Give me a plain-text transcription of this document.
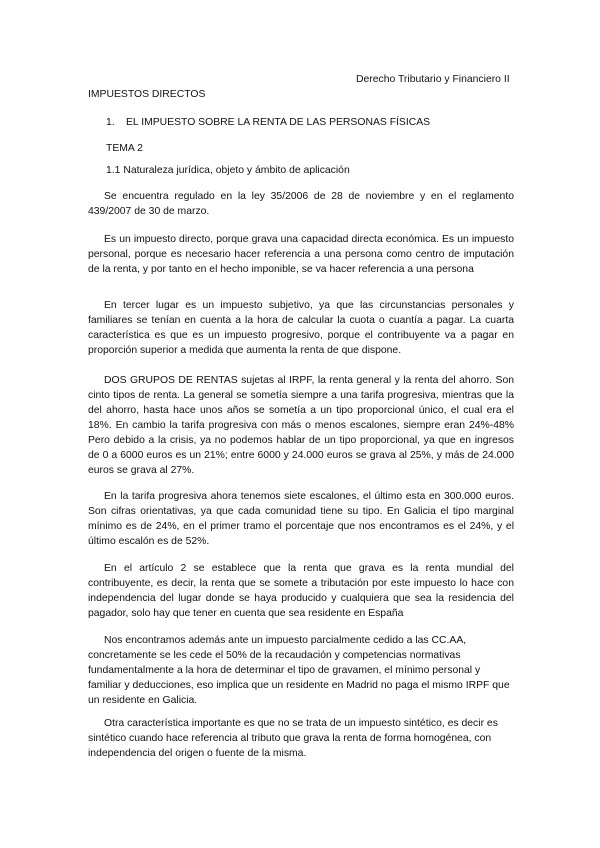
Derecho Tributario y Financiero II
IMPUESTOS DIRECTOS
1. EL IMPUESTO SOBRE LA RENTA DE LAS PERSONAS FÍSICAS
TEMA 2
1.1 Naturaleza jurídica, objeto y ámbito de aplicación

Se encuentra regulado en la ley 35/2006 de 28 de noviembre y en el reglamento 439/2007 de 30 de marzo.

Es un impuesto directo, porque grava una capacidad directa económica. Es un impuesto personal, porque es necesario hacer referencia a una persona como centro de imputación de la renta, y por tanto en el hecho imponible, se va hacer referencia a una persona

En tercer lugar es un impuesto subjetivo, ya que las circunstancias personales y familiares se tenían en cuenta a la hora de calcular la cuota o cuantía a pagar. La cuarta característica es que es un impuesto progresivo, porque el contribuyente va a pagar en proporción superior a medida que aumenta la renta de que dispone.

DOS GRUPOS DE RENTAS sujetas al IRPF, la renta general y la renta del ahorro. Son cinto tipos de renta. La general se sometía siempre a una tarifa progresiva, mientras que la del ahorro, hasta hace unos años se sometía a un tipo proporcional único, el cual era el 18%. En cambio la tarifa progresiva con más o menos escalones, siempre eran 24%-48% Pero debido a la crisis, ya no podemos hablar de un tipo proporcional, ya que en ingresos de 0 a 6000 euros es un 21%; entre 6000 y 24.000 euros se grava al 25%, y más de 24.000 euros se grava al 27%.

En la tarifa progresiva ahora tenemos siete escalones, el último esta en 300.000 euros. Son cifras orientativas, ya que cada comunidad tiene su tipo. En Galicia el tipo marginal mínimo es de 24%, en el primer tramo el porcentaje que nos encontramos es el 24%, y el último escalón es de 52%.

En el artículo 2 se establece que la renta que grava es la renta mundial del contribuyente, es decir, la renta que se somete a tributación por este impuesto lo hace con independencia del lugar donde se haya producido y cualquiera que sea la residencia del pagador, solo hay que tener en cuenta que sea residente en España

Nos encontramos además ante un impuesto parcialmente cedido a las CC.AA, concretamente se les cede el 50% de la recaudación y competencias normativas fundamentalmente a la hora de determinar el tipo de gravamen, el mínimo personal y familiar y deducciones, eso implica que un residente en Madrid no paga el mismo IRPF que un residente en Galicia.

Otra característica importante es que no se trata de un impuesto sintético, es decir es sintético cuando hace referencia al tributo que grava la renta de forma homogénea, con independencia del origen o fuente de la misma.
